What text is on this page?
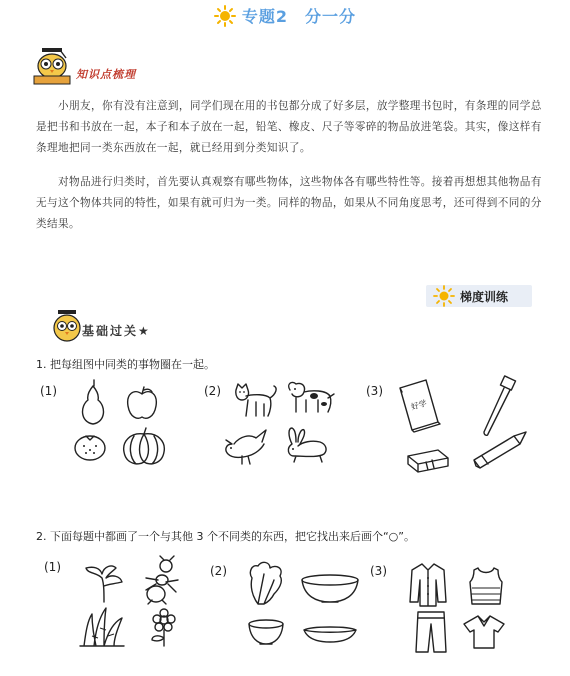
专题2　分一分
知识点梳理
小朋友，你有没有注意到，同学们现在用的书包都分成了好多层，放学整理书包时，有条理的同学总是把书和书放在一起，本子和本子放在一起，铅笔、橡皮、尺子等零碎的物品放进笔袋。其实，像这样有条理地把同一类东西放在一起，就已经用到分类知识了。
对物品进行归类时，首先要认真观察有哪些物体，这些物体各有哪些特性等。接着再想想其他物品有无与这个物体共同的特性，如果有就可归为一类。同样的物品，如果从不同角度思考，还可得到不同的分类结果。
梯度训练
基础过关★
1. 把每组图中同类的事物圈在一起。
(1)	(2)	(3)
好学
2. 下面每题中都画了一个与其他 3 个不同类的东西，把它找出来后画个“○”。
(1)	(2)	(3)
